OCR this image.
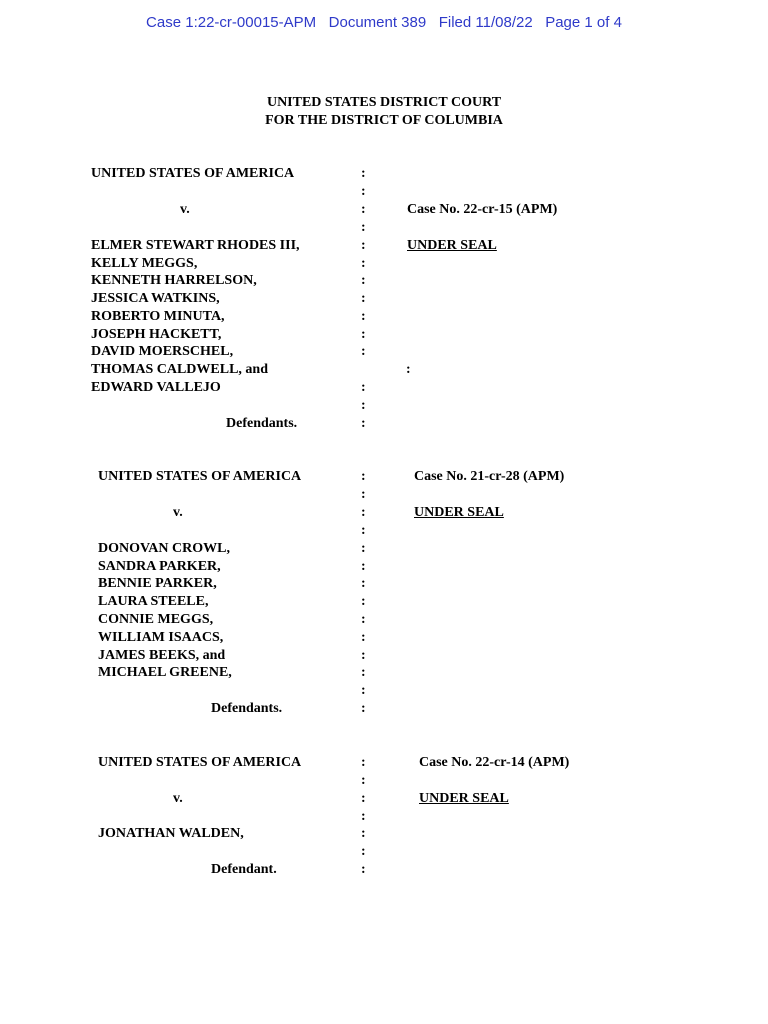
Case 1:22-cr-00015-APM Document 389 Filed 11/08/22 Page 1 of 4
UNITED STATES DISTRICT COURT
FOR THE DISTRICT OF COLUMBIA
UNITED STATES OF AMERICA
v.
ELMER STEWART RHODES III,
KELLY MEGGS,
KENNETH HARRELSON,
JESSICA WATKINS,
ROBERTO MINUTA,
JOSEPH HACKETT,
DAVID MOERSCHEL,
THOMAS CALDWELL, and
EDWARD VALLEJO
Defendants.
Case No. 22-cr-15 (APM)
UNDER SEAL
:
:
:
:
:
:
:
:
:
:
:
:
:
:
:
UNITED STATES OF AMERICA
v.
DONOVAN CROWL,
SANDRA PARKER,
BENNIE PARKER,
LAURA STEELE,
CONNIE MEGGS,
WILLIAM ISAACS,
JAMES BEEKS, and
MICHAEL GREENE,
Defendants.
Case No. 21-cr-28 (APM)
UNDER SEAL
:
:
:
:
:
:
:
:
:
:
:
:
:
:
UNITED STATES OF AMERICA
v.
JONATHAN WALDEN,
Defendant.
Case No. 22-cr-14 (APM)
UNDER SEAL
:
:
:
:
:
:
:
